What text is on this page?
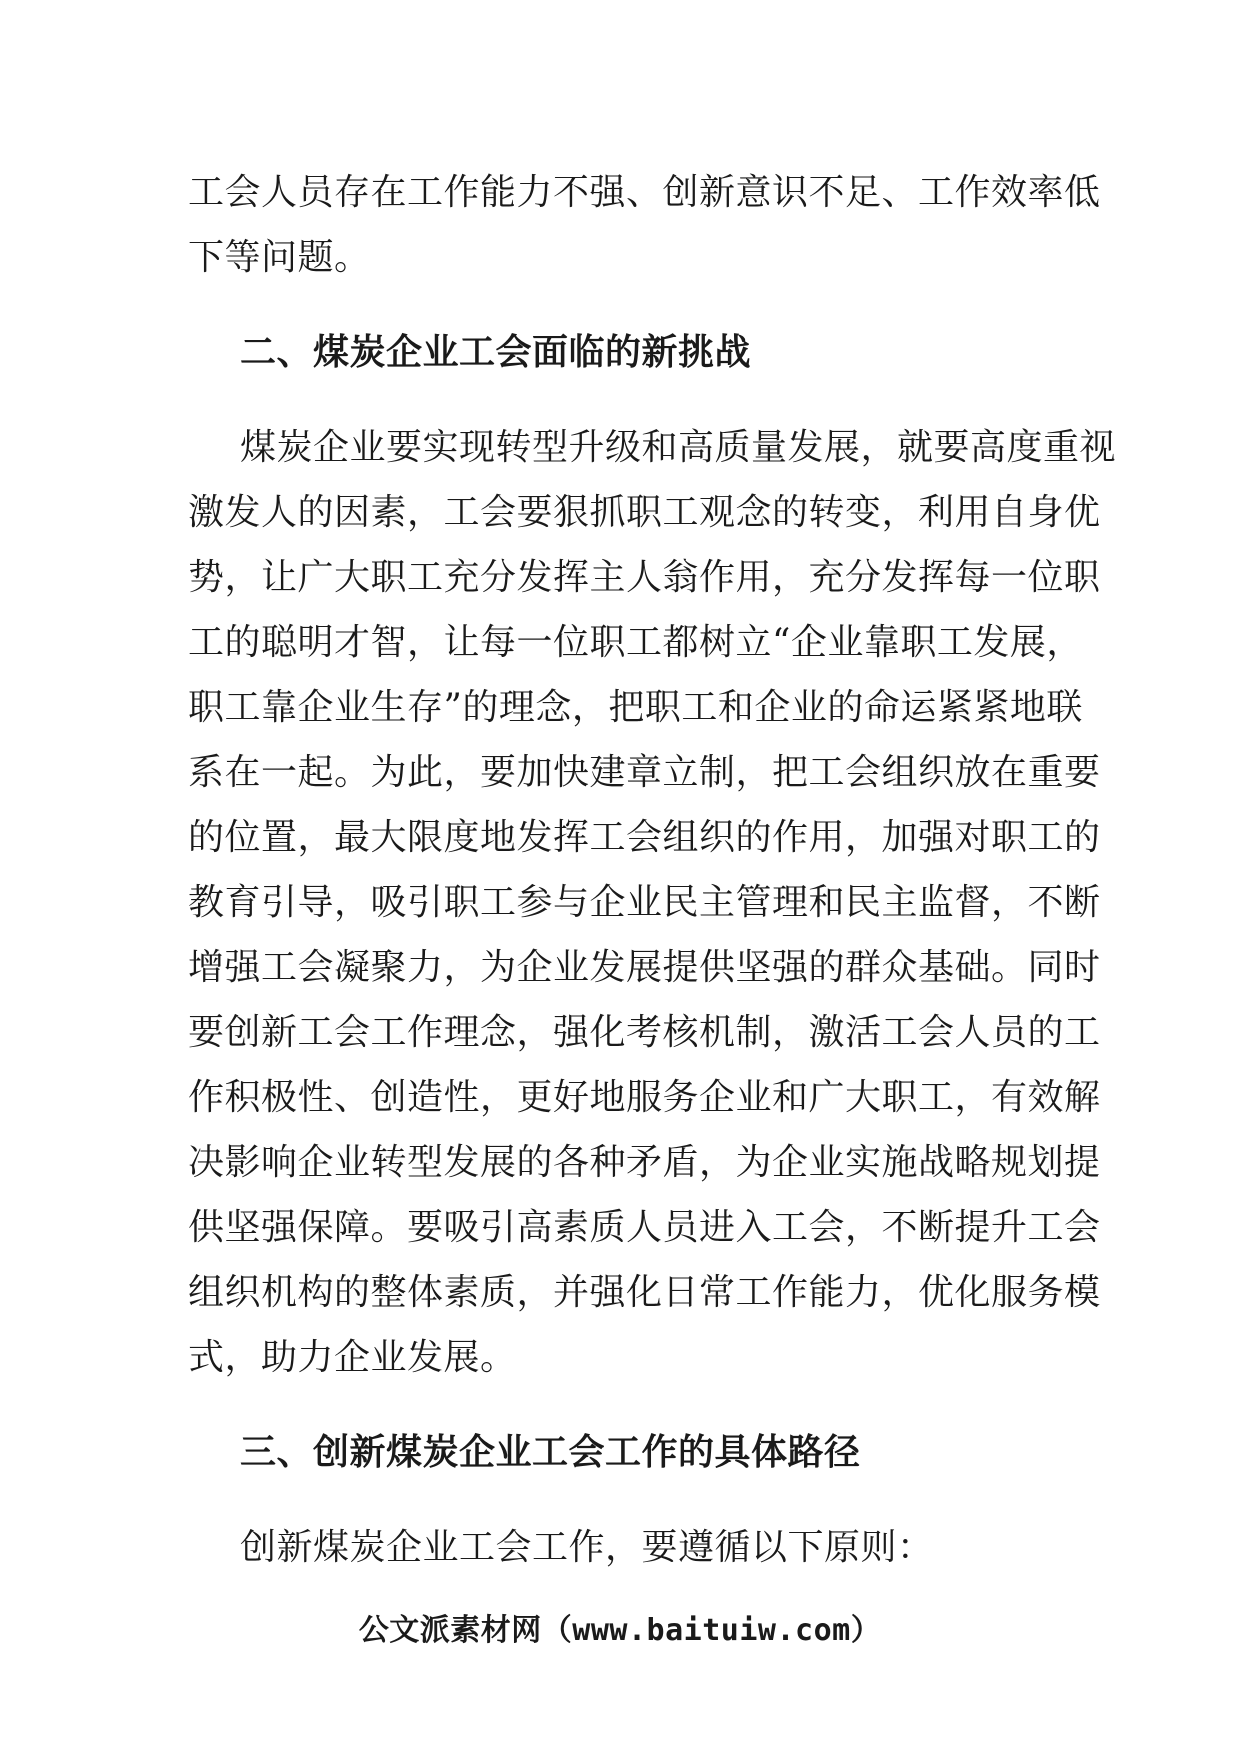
工会人员存在工作能力不强、创新意识不足、工作效率低

下等问题。

二、煤炭企业工会面临的新挑战

煤炭企业要实现转型升级和高质量发展，就要高度重视

激发人的因素，工会要狠抓职工观念的转变，利用自身优

势，让广大职工充分发挥主人翁作用，充分发挥每一位职

工的聪明才智，让每一位职工都树立“企业靠职工发展，

职工靠企业生存”的理念，把职工和企业的命运紧紧地联

系在一起。为此，要加快建章立制，把工会组织放在重要

的位置，最大限度地发挥工会组织的作用，加强对职工的

教育引导，吸引职工参与企业民主管理和民主监督，不断

增强工会凝聚力，为企业发展提供坚强的群众基础。同时

要创新工会工作理念，强化考核机制，激活工会人员的工

作积极性、创造性，更好地服务企业和广大职工，有效解

决影响企业转型发展的各种矛盾，为企业实施战略规划提

供坚强保障。要吸引高素质人员进入工会，不断提升工会

组织机构的整体素质，并强化日常工作能力，优化服务模

式，助力企业发展。

三、创新煤炭企业工会工作的具体路径

创新煤炭企业工会工作，要遵循以下原则：

公文派素材网（www.baituiw.com）
